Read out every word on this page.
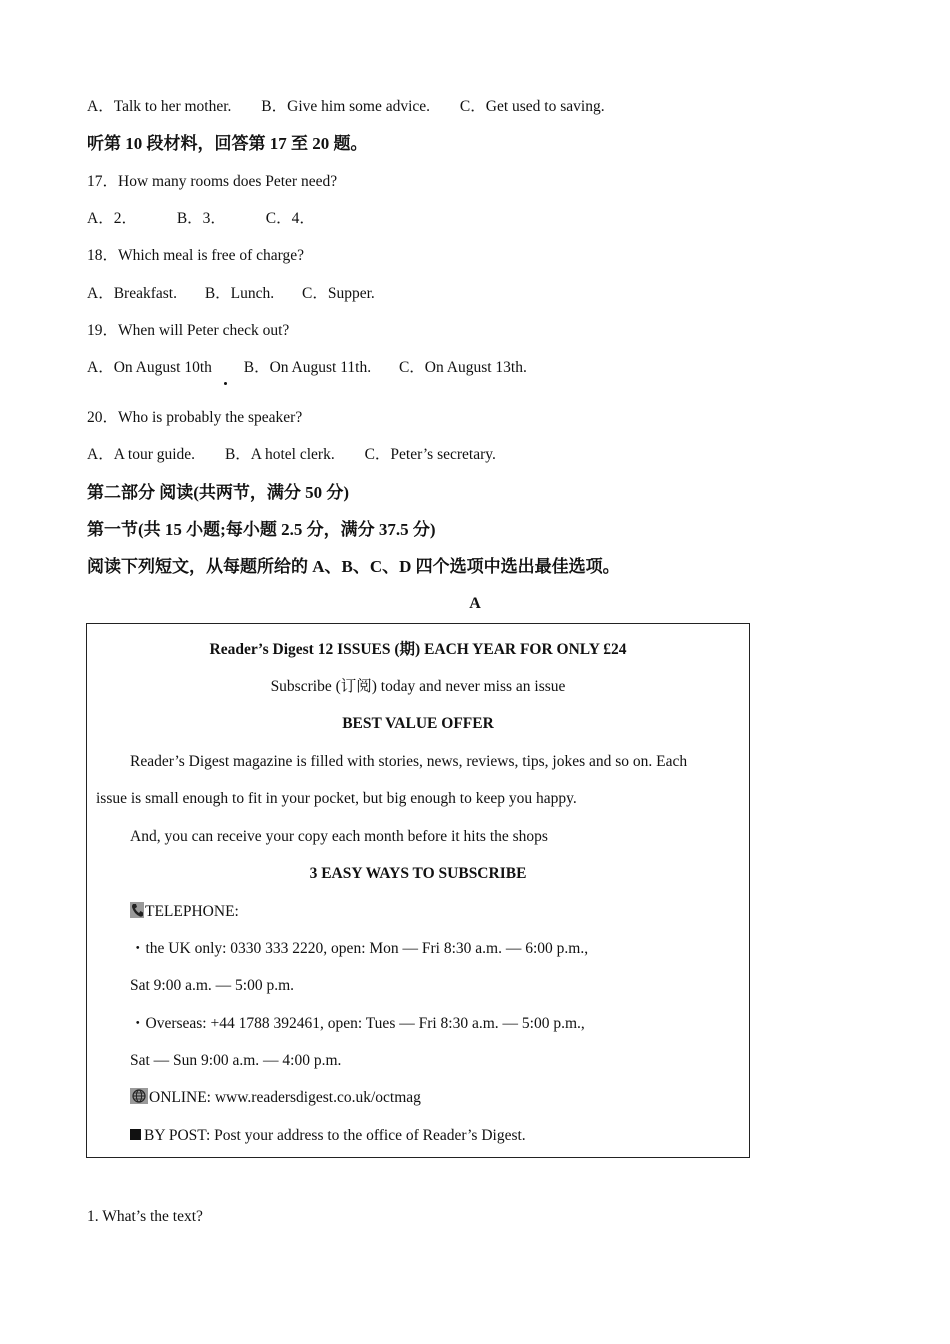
A．Talk to her mother. B．Give him some advice. C．Get used to saving.
听第 10 段材料，回答第 17 至 20 题。
17．How many rooms does Peter need?
A．2．	B．3．	C．4．
18．Which meal is free of charge?
A．Breakfast. B．Lunch. C．Supper.
19．When will Peter check out?
A．On August 10th B．On August 11th. C．On August 13th.
20．Who is probably the speaker?
A．A tour guide. B．A hotel clerk. C．Peter’s secretary.
第二部分 阅读(共两节，满分 50 分)
第一节(共 15 小题;每小题 2.5 分，满分 37.5 分)
阅读下列短文，从每题所给的 A、B、C、D 四个选项中选出最佳选项。
A
Reader’s Digest 12 ISSUES (期) EACH YEAR FOR ONLY £24
Subscribe (订阅) today and never miss an issue
BEST VALUE OFFER
Reader’s Digest magazine is filled with stories, news, reviews, tips, jokes and so on. Each
issue is small enough to fit in your pocket, but big enough to keep you happy.
And, you can receive your copy each month before it hits the shops
3 EASY WAYS TO SUBSCRIBE
TELEPHONE:
・the UK only: 0330 333 2220, open: Mon — Fri 8:30 a.m. — 6:00 p.m.,
Sat 9:00 a.m. — 5:00 p.m.
・Overseas: +44 1788 392461, open: Tues — Fri 8:30 a.m. — 5:00 p.m.,
Sat — Sun 9:00 a.m. — 4:00 p.m.
ONLINE: www.readersdigest.co.uk/octmag
BY POST: Post your address to the office of Reader’s Digest.
1. What’s the text?
